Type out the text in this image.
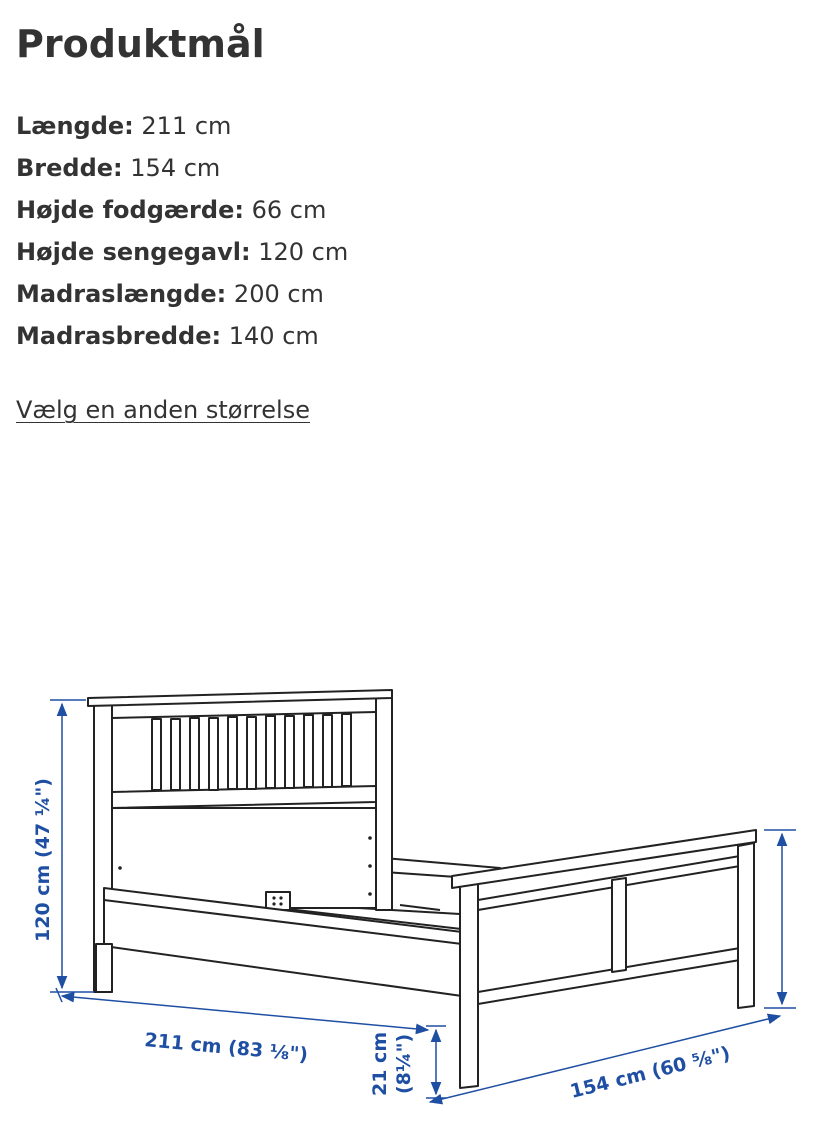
Produktmål
Længde: 211 cm
Bredde: 154 cm
Højde fodgærde: 66 cm
Højde sengegavl: 120 cm
Madraslængde: 200 cm
Madrasbredde: 140 cm
Vælg en anden størrelse
120 cm (47 ¼")
211 cm (83 ⅛")	21 cm (8¼")	154 cm (60 ⅝")
